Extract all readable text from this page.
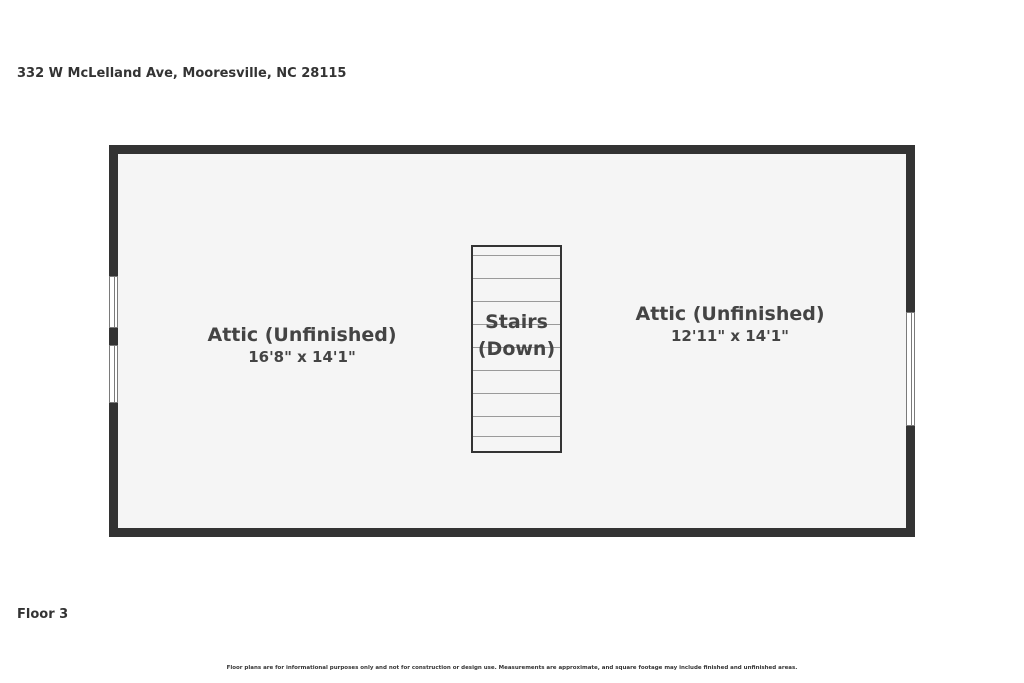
332 W McLelland Ave, Mooresville, NC 28115
Attic (Unfinished)
16'8" x 14'1"
Stairs
(Down)
Attic (Unfinished)
12'11" x 14'1"
Floor 3
Floor plans are for informational purposes only and not for construction or design use. Measurements are approximate, and square footage may include finished and unfinished areas.
